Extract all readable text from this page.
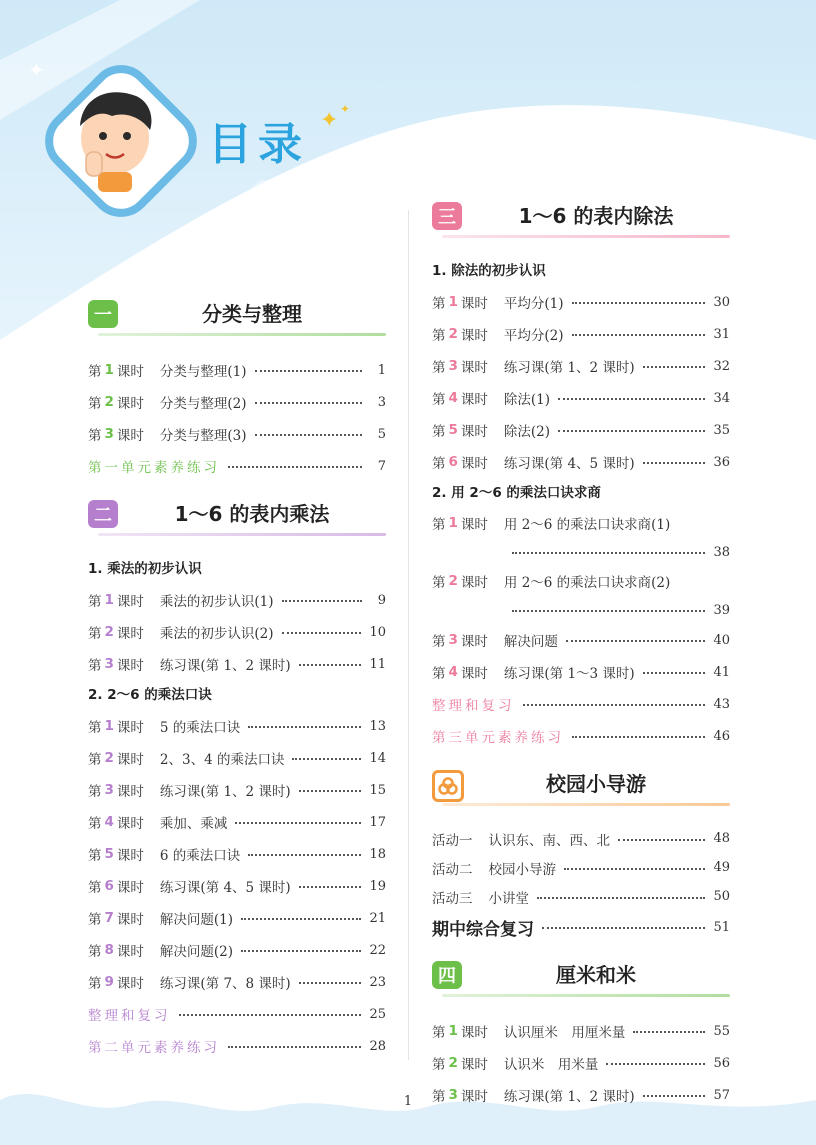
目录 ✦ ✦
✦
一	分类与整理
第 1 课时 分类与整理(1)	1
第 2 课时 分类与整理(2)	3
第 3 课时 分类与整理(3)	5
第一单元素养练习	7
二	1～6 的表内乘法
1. 乘法的初步认识
第 1 课时 乘法的初步认识(1)	9
第 2 课时 乘法的初步认识(2)	10
第 3 课时 练习课(第 1、2 课时)	11
2. 2～6 的乘法口诀
第 1 课时 5 的乘法口诀	13
第 2 课时 2、3、4 的乘法口诀	14
第 3 课时 练习课(第 1、2 课时)	15
第 4 课时 乘加、乘减	17
第 5 课时 6 的乘法口诀	18
第 6 课时 练习课(第 4、5 课时)	19
第 7 课时 解决问题(1)	21
第 8 课时 解决问题(2)	22
第 9 课时 练习课(第 7、8 课时)	23
整理和复习	25
第二单元素养练习	28
三	1～6 的表内除法
1. 除法的初步认识
第 1 课时 平均分(1)	30
第 2 课时 平均分(2)	31
第 3 课时 练习课(第 1、2 课时)	32
第 4 课时 除法(1)	34
第 5 课时 除法(2)	35
第 6 课时 练习课(第 4、5 课时)	36
2. 用 2～6 的乘法口诀求商
第 1 课时 用 2～6 的乘法口诀求商(1)
38
第 2 课时 用 2～6 的乘法口诀求商(2)
39
第 3 课时 解决问题	40
第 4 课时 练习课(第 1～3 课时)	41
整理和复习	43
第三单元素养练习	46
校园小导游
活动一 认识东、南、西、北	48
活动二 校园小导游	49
活动三 小讲堂	50
期中综合复习	51
四	厘米和米
第 1 课时 认识厘米　用厘米量	55
第 2 课时 认识米　用米量	56
第 3 课时 练习课(第 1、2 课时)	57
1
